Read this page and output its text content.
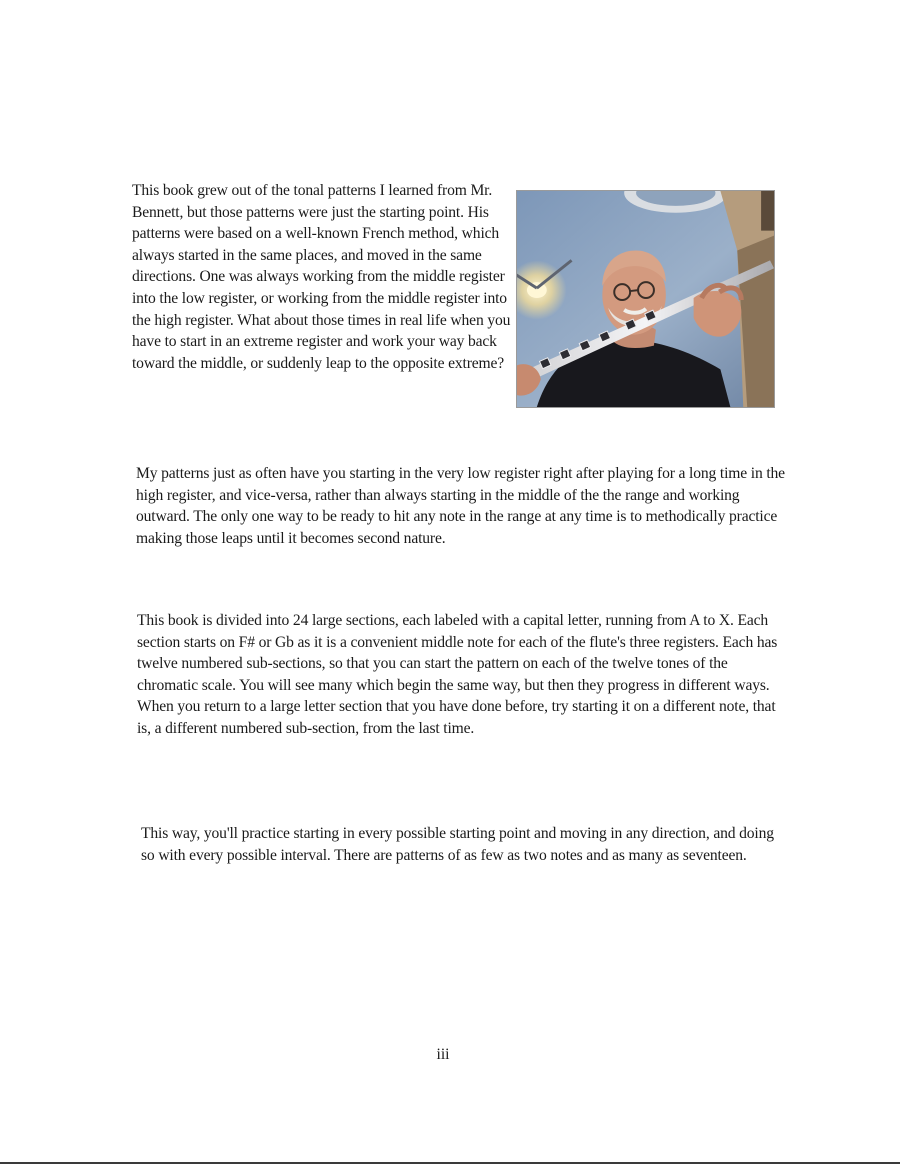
This book grew out of the tonal patterns I learned from Mr. Bennett, but those patterns were just the starting point. His patterns were based on a well-known French method, which always started in the same places, and moved in the same directions. One was always working from the middle register into the low register, or working from the middle register into the high register. What about those times in real life when you have to start in an extreme register and work your way back toward the middle, or suddenly leap to the opposite extreme?

My patterns just as often have you starting in the very low register right after playing for a long time in the high register, and vice-versa, rather than always starting in the middle of the the range and working outward. The only one way to be ready to hit any note in the range at any time is to methodically practice making those leaps until it becomes second nature.

This book is divided into 24 large sections, each labeled with a capital letter, running from A to X. Each section starts on F# or Gb as it is a convenient middle note for each of the flute's three registers. Each has twelve numbered sub-sections, so that you can start the pattern on each of the twelve tones of the chromatic scale. You will see many which begin the same way, but then they progress in different ways. When you return to a large letter section that you have done before, try starting it on a different note, that is, a different numbered sub-section, from the last time.

This way, you'll practice starting in every possible starting point and moving in any direction, and doing so with every possible interval. There are patterns of as few as two notes and as many as seventeen.

iii
